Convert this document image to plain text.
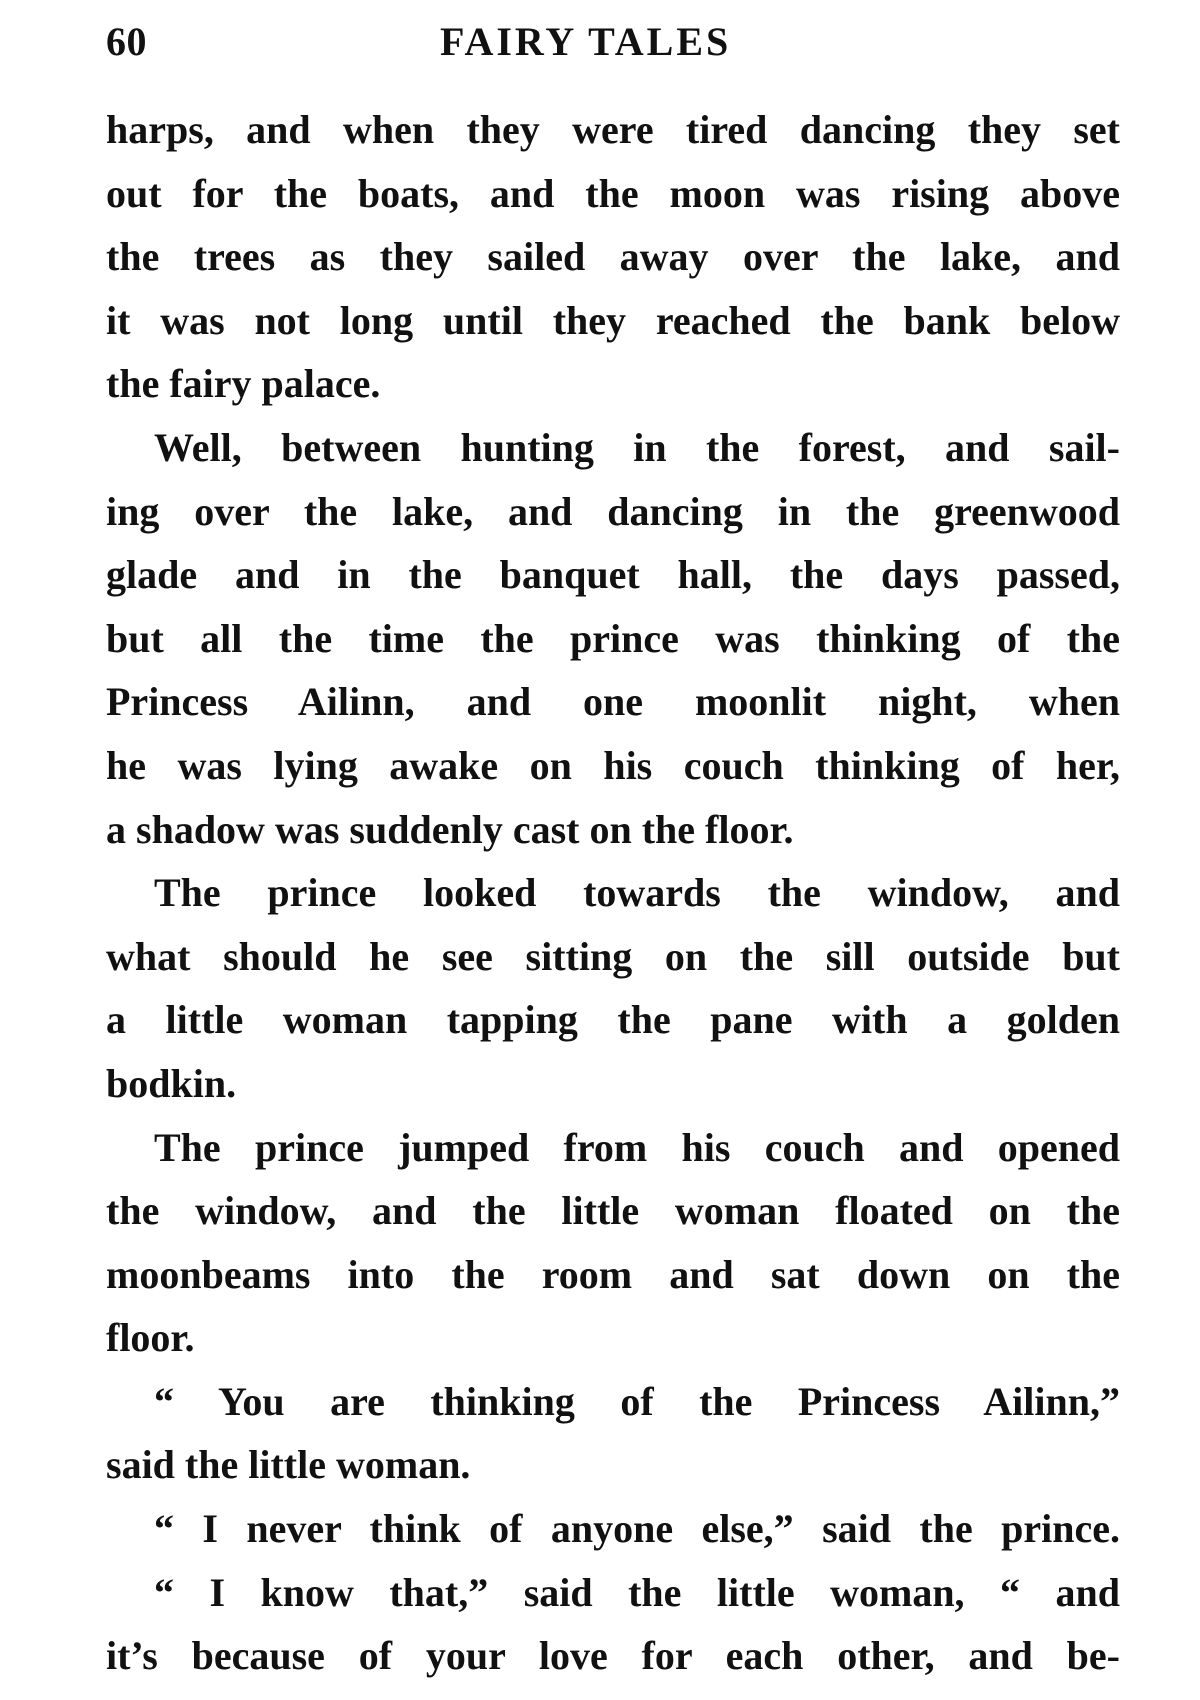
60	FAIRY TALES
harps, and when they were tired dancing they set
out for the boats, and the moon was rising above
the trees as they sailed away over the lake, and
it was not long until they reached the bank below
the fairy palace.
Well, between hunting in the forest, and sail-
ing over the lake, and dancing in the greenwood
glade and in the banquet hall, the days passed,
but all the time the prince was thinking of the
Princess Ailinn, and one moonlit night, when
he was lying awake on his couch thinking of her,
a shadow was suddenly cast on the floor.
The prince looked towards the window, and
what should he see sitting on the sill outside but
a little woman tapping the pane with a golden
bodkin.
The prince jumped from his couch and opened
the window, and the little woman floated on the
moonbeams into the room and sat down on the
floor.
“ You are thinking of the Princess Ailinn,”
said the little woman.
“ I never think of anyone else,” said the prince.
“ I know that,” said the little woman, “ and
it’s because of your love for each other, and be-
